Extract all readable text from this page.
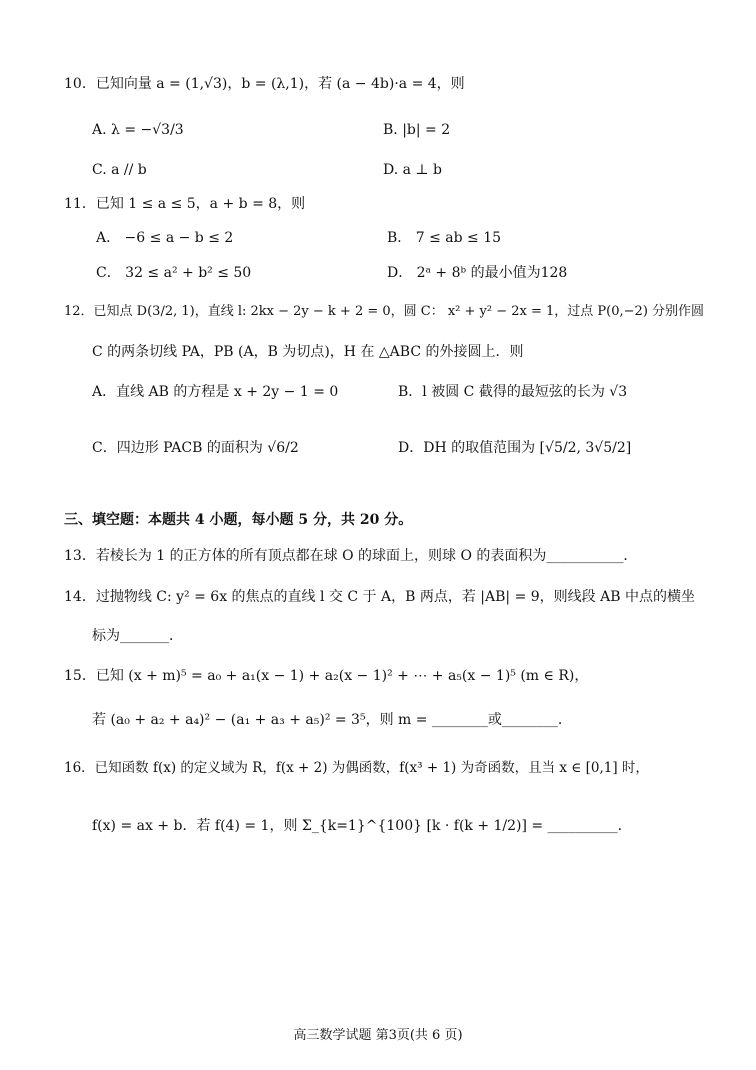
10．已知向量 a = (1,√3)，b = (λ,1)，若 (a − 4b)·a = 4，则
A. λ = −√3/3	B. |b| = 2
C. a // b	D. a ⊥ b
11．已知 1 ≤ a ≤ 5，a + b = 8，则
A． −6 ≤ a − b ≤ 2	B． 7 ≤ ab ≤ 15
C． 32 ≤ a² + b² ≤ 50	D． 2ᵃ + 8ᵇ 的最小值为128
12．已知点 D(3/2, 1)，直线 l: 2kx − 2y − k + 2 = 0，圆 C： x² + y² − 2x = 1，过点 P(0,−2) 分别作圆
C 的两条切线 PA，PB (A，B 为切点)，H 在 △ABC 的外接圆上．则
A．直线 AB 的方程是 x + 2y − 1 = 0	B．l 被圆 C 截得的最短弦的长为 √3
C．四边形 PACB 的面积为 √6/2	D．DH 的取值范围为 [√5/2, 3√5/2]
三、填空题：本题共 4 小题，每小题 5 分，共 20 分。
13．若棱长为 1 的正方体的所有顶点都在球 O 的球面上，则球 O 的表面积为___________．
14．过抛物线 C: y² = 6x 的焦点的直线 l 交 C 于 A，B 两点，若 |AB| = 9，则线段 AB 中点的横坐
标为_______．
15．已知 (x + m)⁵ = a₀ + a₁(x − 1) + a₂(x − 1)² + ⋯ + a₅(x − 1)⁵ (m ∈ R)，
若 (a₀ + a₂ + a₄)² − (a₁ + a₃ + a₅)² = 3⁵，则 m = ________或________.
16．已知函数 f(x) 的定义域为 R，f(x + 2) 为偶函数，f(x³ + 1) 为奇函数，且当 x ∈ [0,1] 时，
f(x) = ax + b．若 f(4) = 1，则 Σ_{k=1}^{100} [k · f(k + 1/2)] = __________.
高三数学试题 第3页(共 6 页)
